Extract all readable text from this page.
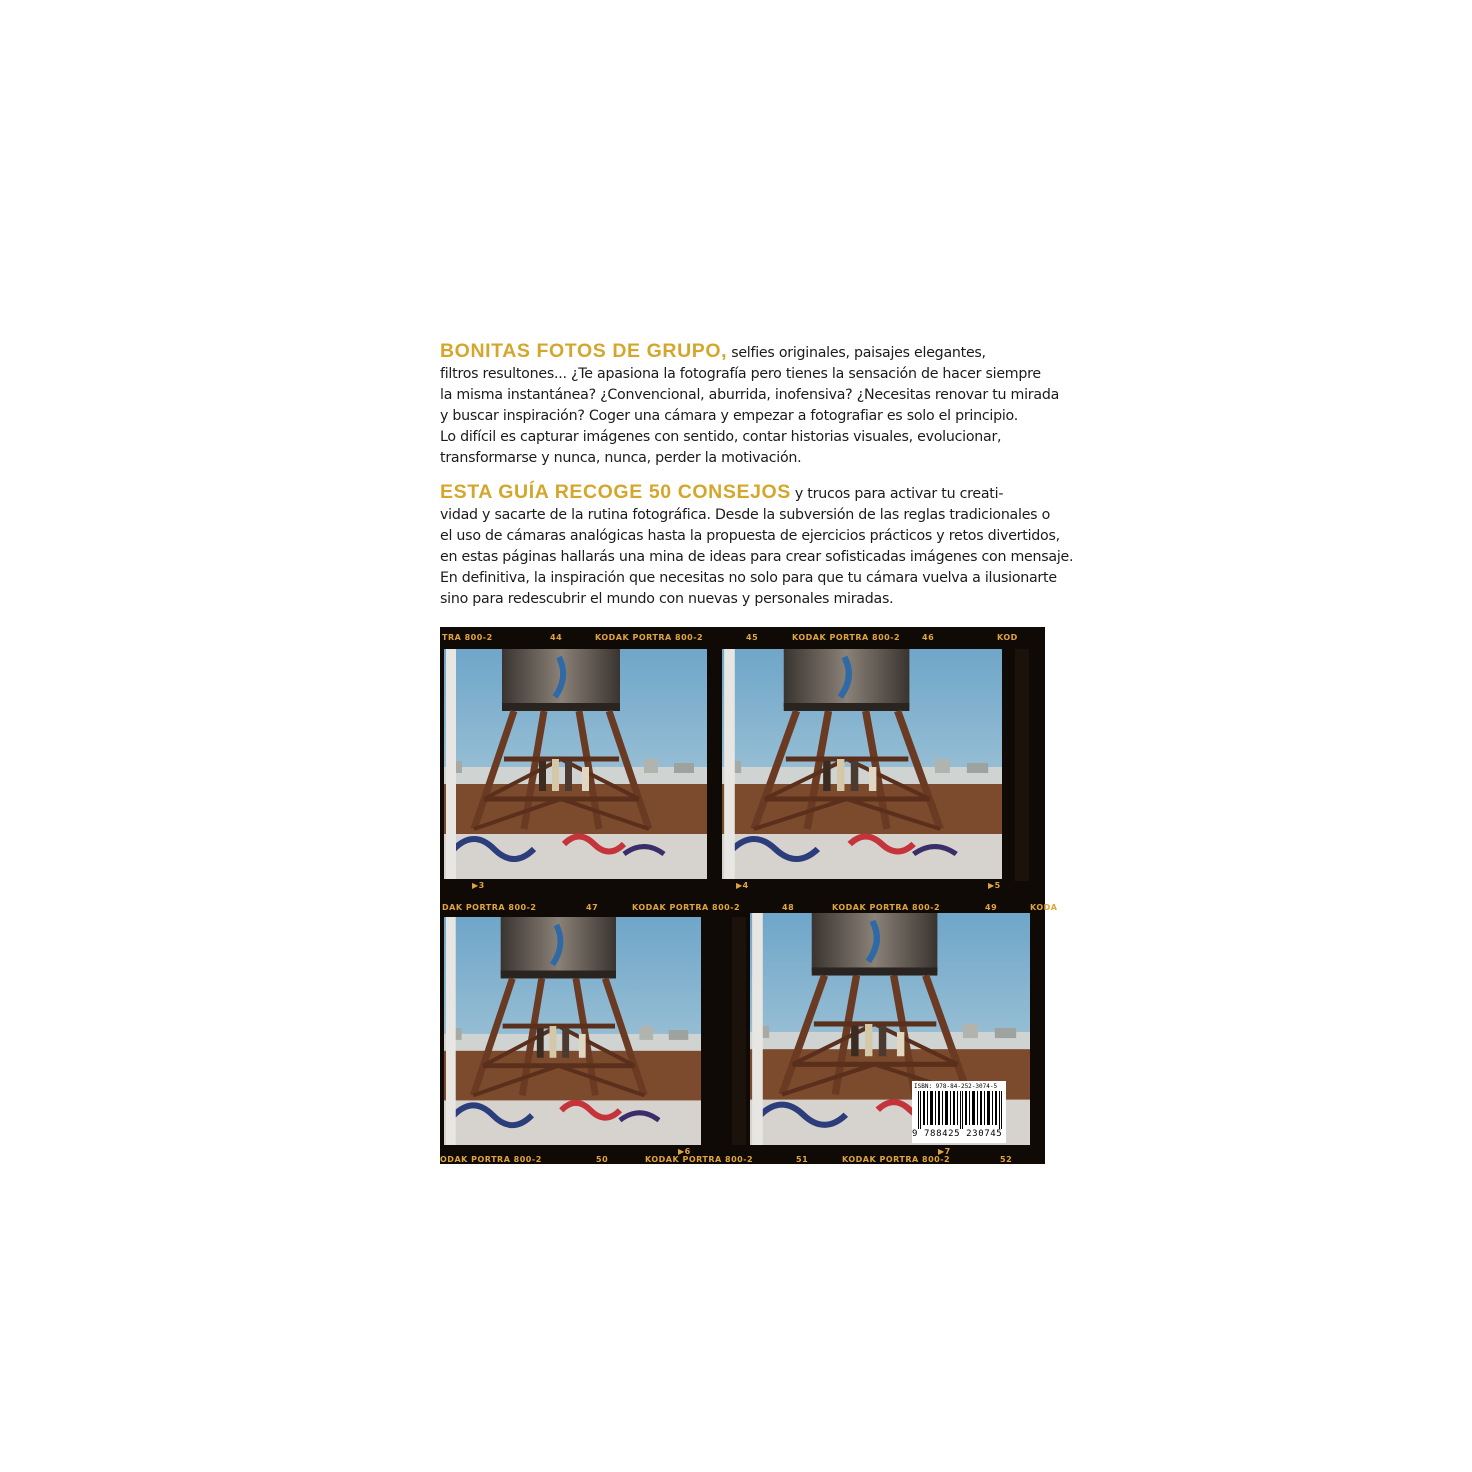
BONITAS FOTOS DE GRUPO, selfies originales, paisajes elegantes,
filtros resultones... ¿Te apasiona la fotografía pero tienes la sensación de hacer siempre
la misma instantánea? ¿Convencional, aburrida, inofensiva? ¿Necesitas renovar tu mirada
y buscar inspiración? Coger una cámara y empezar a fotografiar es solo el principio.
Lo difícil es capturar imágenes con sentido, contar historias visuales, evolucionar,
transformarse y nunca, nunca, perder la motivación.
ESTA GUÍA RECOGE 50 CONSEJOS y trucos para activar tu creati-
vidad y sacarte de la rutina fotográfica. Desde la subversión de las reglas tradicionales o
el uso de cámaras analógicas hasta la propuesta de ejercicios prácticos y retos divertidos,
en estas páginas hallarás una mina de ideas para crear sofisticadas imágenes con mensaje.
En definitiva, la inspiración que necesitas no solo para que tu cámara vuelva a ilusionarte
sino para redescubrir el mundo con nuevas y personales miradas.
TRA 800-2	44	KODAK PORTRA 800-2	45	KODAK PORTRA 800-2	46	KOD
▶3	▶4	▶5
DAK PORTRA 800-2	47	KODAK PORTRA 800-2	48	KODAK PORTRA 800-2	49	KODA
ODAK PORTRA 800-2	50	KODAK PORTRA 800-2
▶6
51	KODAK PORTRA 800-2
▶7
52
ISBN: 978-84-252-3074-5
9 788425 230745
